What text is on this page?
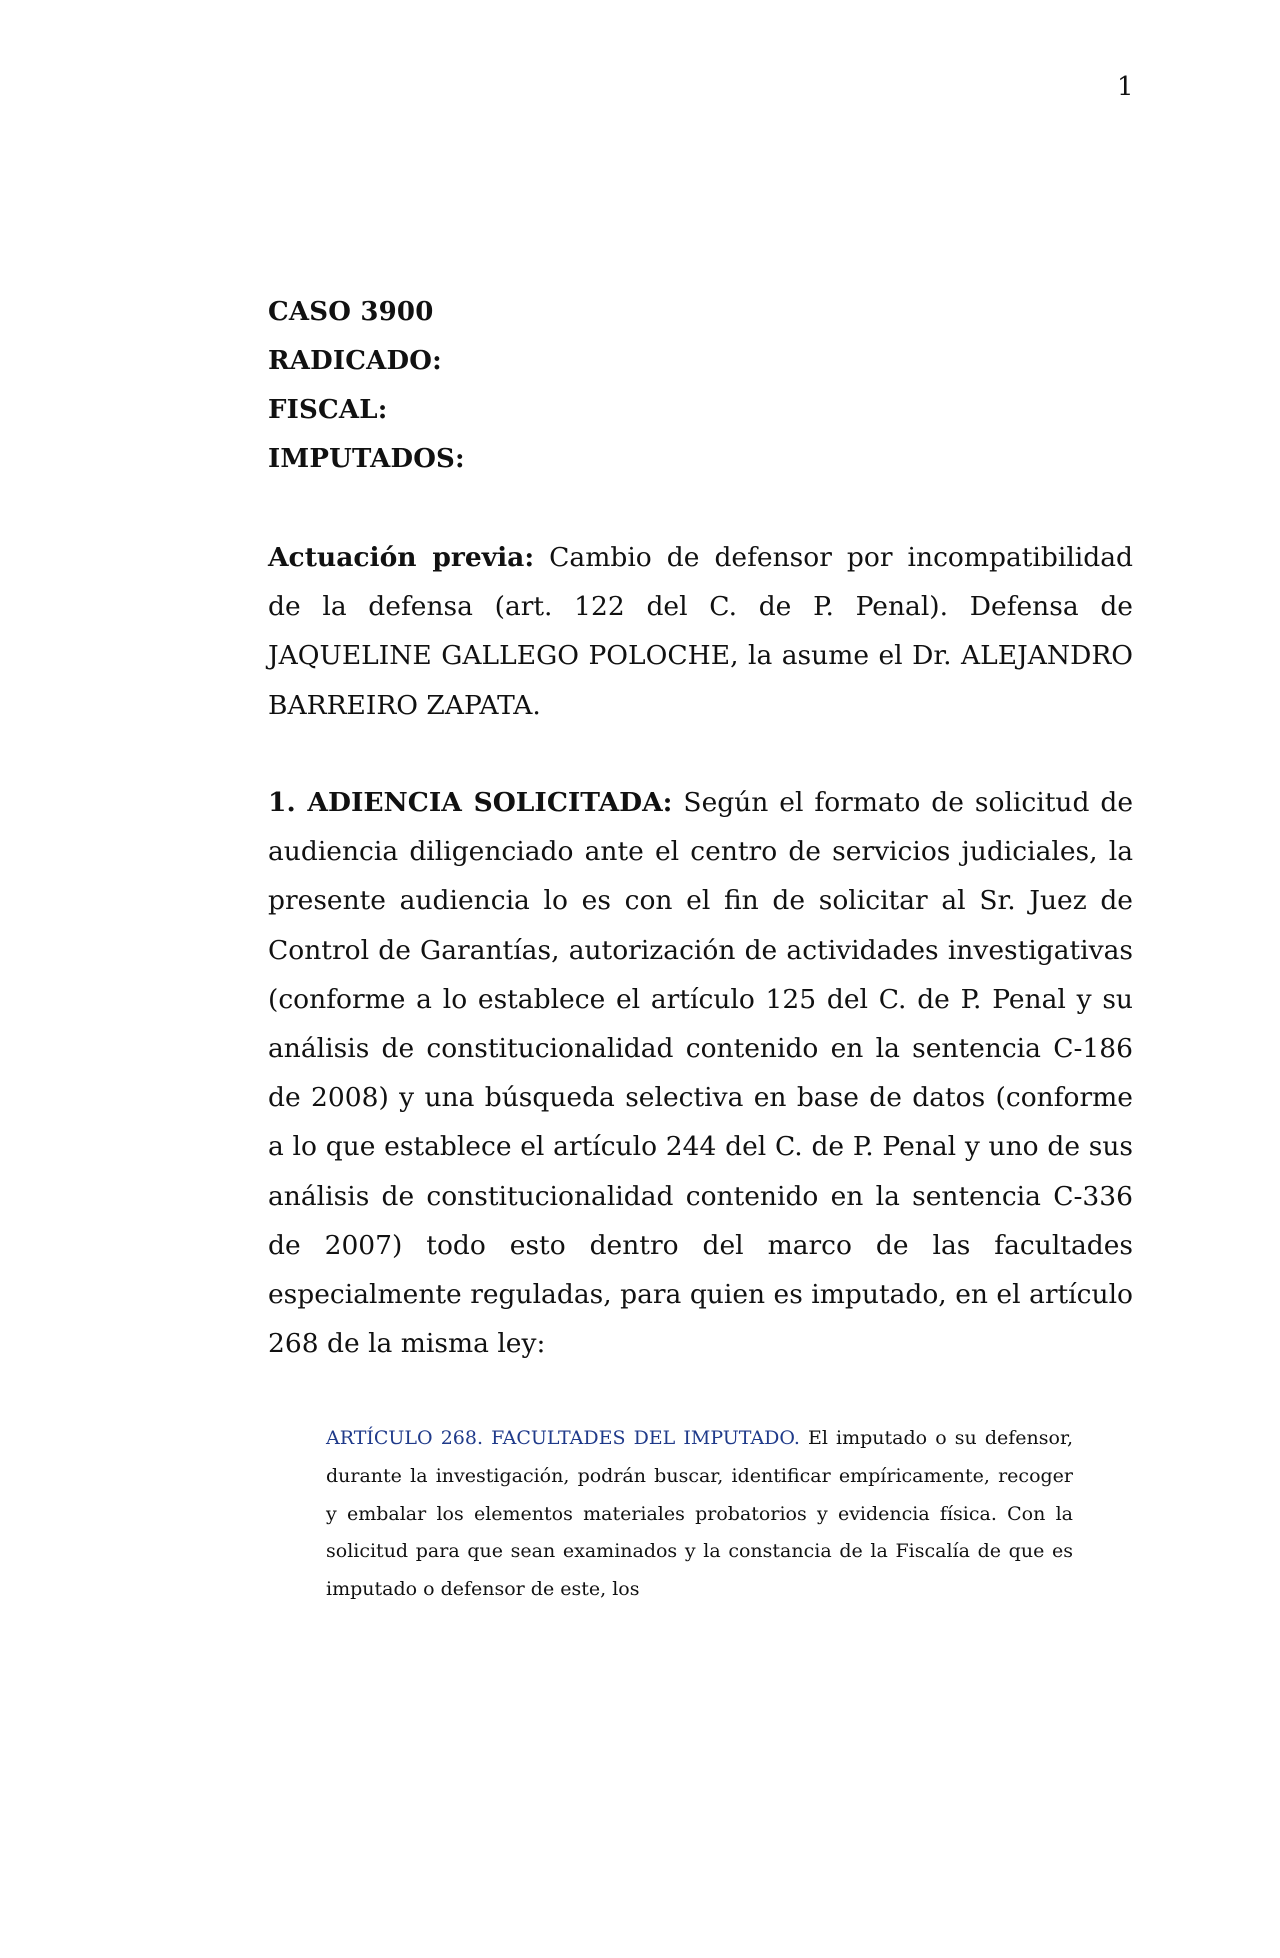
1
CASO 3900
RADICADO:
FISCAL:
IMPUTADOS:
Actuación previa: Cambio de defensor por incompatibilidad de la defensa (art. 122 del C. de P. Penal). Defensa de JAQUELINE GALLEGO POLOCHE, la asume el Dr. ALEJANDRO BARREIRO ZAPATA.
1. ADIENCIA SOLICITADA: Según el formato de solicitud de audiencia diligenciado ante el centro de servicios judiciales, la presente audiencia lo es con el fin de solicitar al Sr. Juez de Control de Garantías, autorización de actividades investigativas (conforme a lo establece el artículo 125 del C. de P. Penal y su análisis de constitucionalidad contenido en la sentencia C-186 de 2008) y una búsqueda selectiva en base de datos (conforme a lo que establece el artículo 244 del C. de P. Penal y uno de sus análisis de constitucionalidad contenido en la sentencia C-336 de 2007) todo esto dentro del marco de las facultades especialmente reguladas, para quien es imputado, en el artículo 268 de la misma ley:
ARTÍCULO 268. FACULTADES DEL IMPUTADO. El imputado o su defensor, durante la investigación, podrán buscar, identificar empíricamente, recoger y embalar los elementos materiales probatorios y evidencia física. Con la solicitud para que sean examinados y la constancia de la Fiscalía de que es imputado o defensor de este, los
